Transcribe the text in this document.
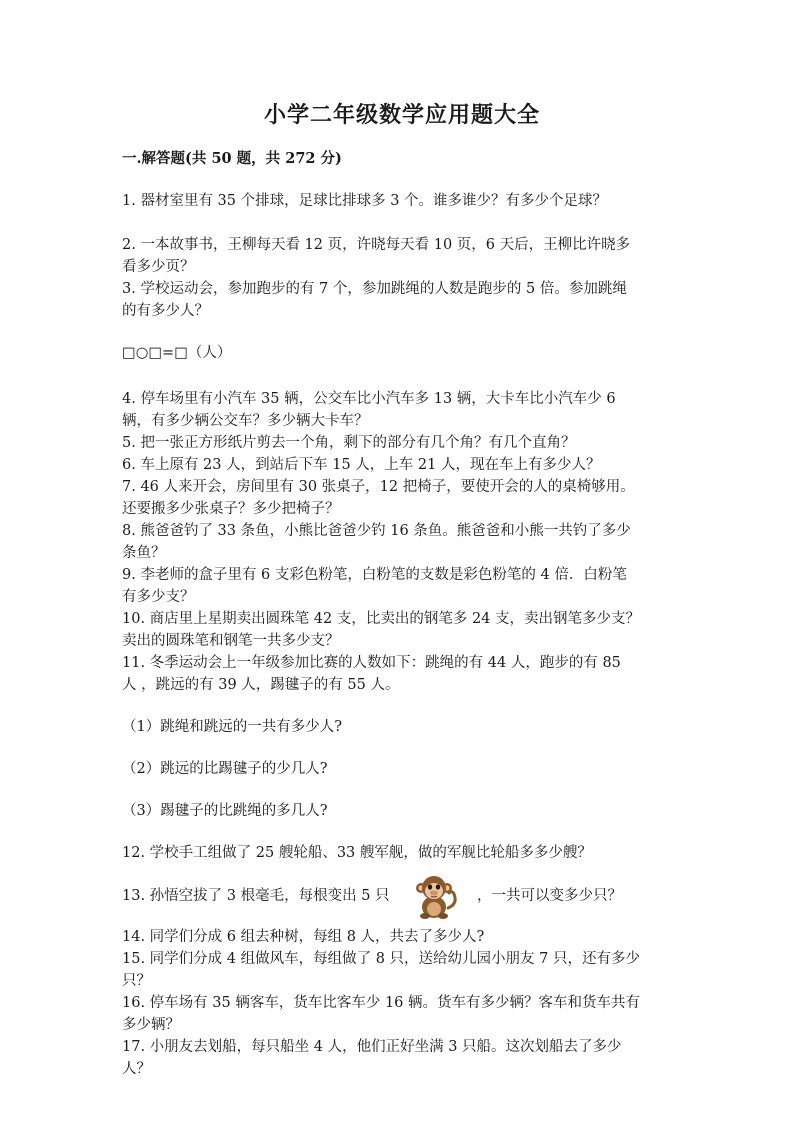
小学二年级数学应用题大全
一.解答题(共 50 题，共 272 分)

1. 器材室里有 35 个排球，足球比排球多 3 个。谁多谁少？有多少个足球？

2. 一本故事书，王柳每天看 12 页，许晓每天看 10 页，6 天后，王柳比许晓多

看多少页？

3. 学校运动会，参加跑步的有 7 个，参加跳绳的人数是跑步的 5 倍。参加跳绳

的有多少人？

□○□=□（人）

4. 停车场里有小汽车 35 辆，公交车比小汽车多 13 辆，大卡车比小汽车少 6

辆，有多少辆公交车？多少辆大卡车？

5. 把一张正方形纸片剪去一个角，剩下的部分有几个角？有几个直角？

6. 车上原有 23 人，到站后下车 15 人，上车 21 人，现在车上有多少人？

7. 46 人来开会，房间里有 30 张桌子，12 把椅子，要使开会的人的桌椅够用。

还要搬多少张桌子？多少把椅子？

8. 熊爸爸钓了 33 条鱼，小熊比爸爸少钓 16 条鱼。熊爸爸和小熊一共钓了多少

条鱼？

9. 李老师的盒子里有 6 支彩色粉笔，白粉笔的支数是彩色粉笔的 4 倍．白粉笔

有多少支？

10. 商店里上星期卖出圆珠笔 42 支，比卖出的钢笔多 24 支，卖出钢笔多少支？

卖出的圆珠笔和钢笔一共多少支？

11. 冬季运动会上一年级参加比赛的人数如下：跳绳的有 44 人，跑步的有 85

人 ，跳远的有 39 人，踢毽子的有 55 人。

（1）跳绳和跳远的一共有多少人?

（2）跳远的比踢毽子的少几人?

（3）踢毽子的比跳绳的多几人?

12. 学校手工组做了 25 艘轮船、33 艘军舰，做的军舰比轮船多多少艘？

13. 孙悟空拔了 3 根毫毛，每根变出 5 只	，一共可以变多少只？

14. 同学们分成 6 组去种树，每组 8 人，共去了多少人?

15. 同学们分成 4 组做风车，每组做了 8 只，送给幼儿园小朋友 7 只，还有多少

只？

16. 停车场有 35 辆客车，货车比客车少 16 辆。货车有多少辆？客车和货车共有

多少辆？

17. 小朋友去划船，每只船坐 4 人，他们正好坐满 3 只船。这次划船去了多少

人？
